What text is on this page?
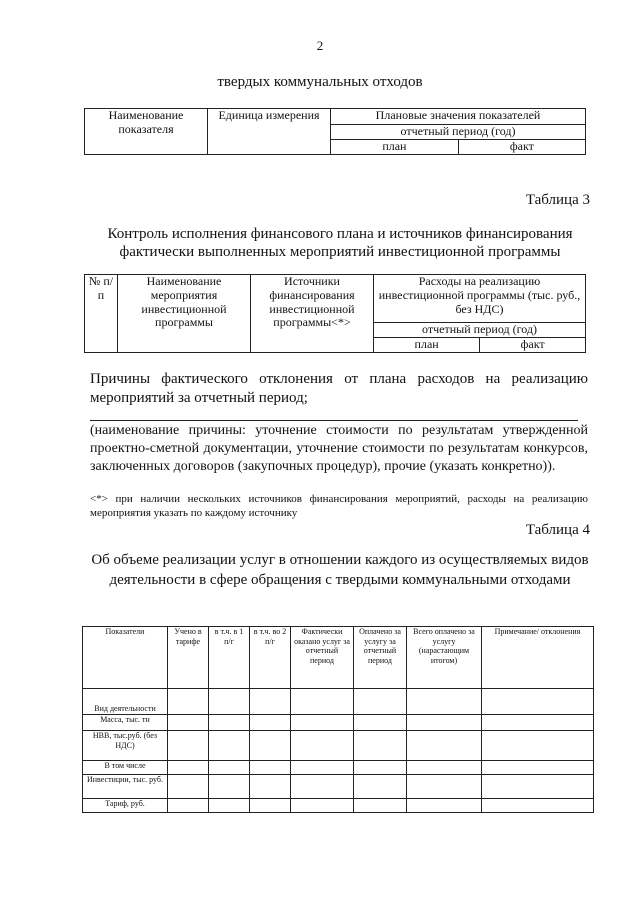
2
твердых коммунальных отходов
Наименование показателя	Единица измерения	Плановые значения показателей	
		отчетный период (год)	
		план	факт
Таблица 3
Контроль исполнения финансового плана и источников финансирования
фактически выполненных мероприятий инвестиционной программы
№ п/п	Наименование мероприятия инвестиционной программы	Источники финансирования инвестиционной программы<*>	Расходы на реализацию инвестиционной программы (тыс. руб., без НДС)	
			отчетный период (год)	
			план	факт
Причины фактического отклонения от плана расходов на реализацию мероприятий за отчетный период;
(наименование причины: уточнение стоимости по результатам утвержденной проектно-сметной документации, уточнение стоимости по результатам конкурсов, заключенных договоров (закупочных процедур), прочие (указать конкретно)).
<*> при наличии нескольких источников финансирования мероприятий, расходы на реализацию мероприятия указать по каждому источнику
Таблица 4
Об объеме реализации услуг в отношении каждого из осуществляемых видов
деятельности в сфере обращения с твердыми коммунальными отходами
Показатели	Учено в тарифе	в т.ч. в 1 п/г	в т.ч. во 2 п/г	Фактически оказано услуг за отчетный период	Оплачено за услугу за отчетный период	Всего оплачено за услугу (нарастающим итогом)	Примечание/ отклонения
Вид деятельности							
Масса, тыс. тн							
НВВ, тыс.руб. (без НДС)							
В том числе							
Инвестиции, тыс. руб.							
Тариф, руб.							
